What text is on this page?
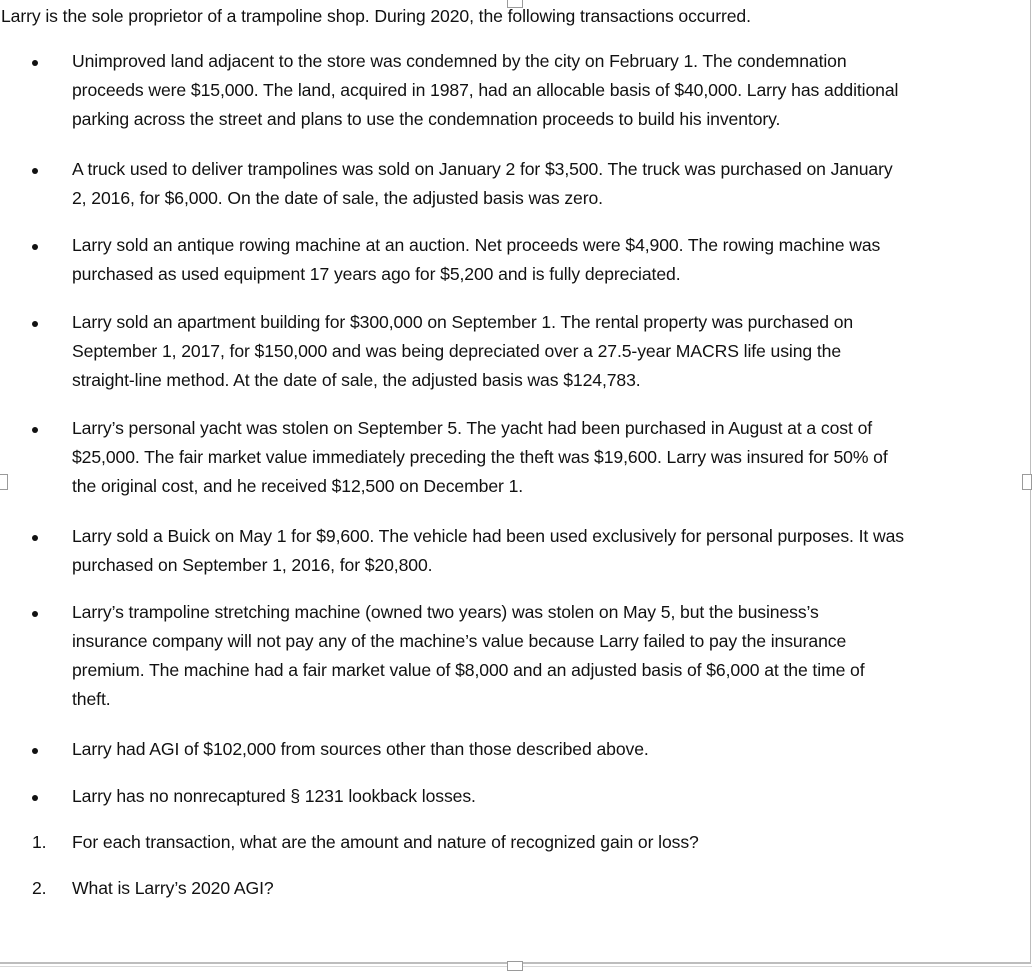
Larry is the sole proprietor of a trampoline shop. During 2020, the following transactions occurred.
Unimproved land adjacent to the store was condemned by the city on February 1. The condemnation
proceeds were $15,000. The land, acquired in 1987, had an allocable basis of $40,000. Larry has additional
parking across the street and plans to use the condemnation proceeds to build his inventory.
A truck used to deliver trampolines was sold on January 2 for $3,500. The truck was purchased on January
2, 2016, for $6,000. On the date of sale, the adjusted basis was zero.
Larry sold an antique rowing machine at an auction. Net proceeds were $4,900. The rowing machine was
purchased as used equipment 17 years ago for $5,200 and is fully depreciated.
Larry sold an apartment building for $300,000 on September 1. The rental property was purchased on
September 1, 2017, for $150,000 and was being depreciated over a 27.5-year MACRS life using the
straight-line method. At the date of sale, the adjusted basis was $124,783.
Larry’s personal yacht was stolen on September 5. The yacht had been purchased in August at a cost of
$25,000. The fair market value immediately preceding the theft was $19,600. Larry was insured for 50% of
the original cost, and he received $12,500 on December 1.
Larry sold a Buick on May 1 for $9,600. The vehicle had been used exclusively for personal purposes. It was
purchased on September 1, 2016, for $20,800.
Larry’s trampoline stretching machine (owned two years) was stolen on May 5, but the business’s
insurance company will not pay any of the machine’s value because Larry failed to pay the insurance
premium. The machine had a fair market value of $8,000 and an adjusted basis of $6,000 at the time of
theft.
Larry had AGI of $102,000 from sources other than those described above.
Larry has no nonrecaptured § 1231 lookback losses.
1.	For each transaction, what are the amount and nature of recognized gain or loss?
2.	What is Larry’s 2020 AGI?
